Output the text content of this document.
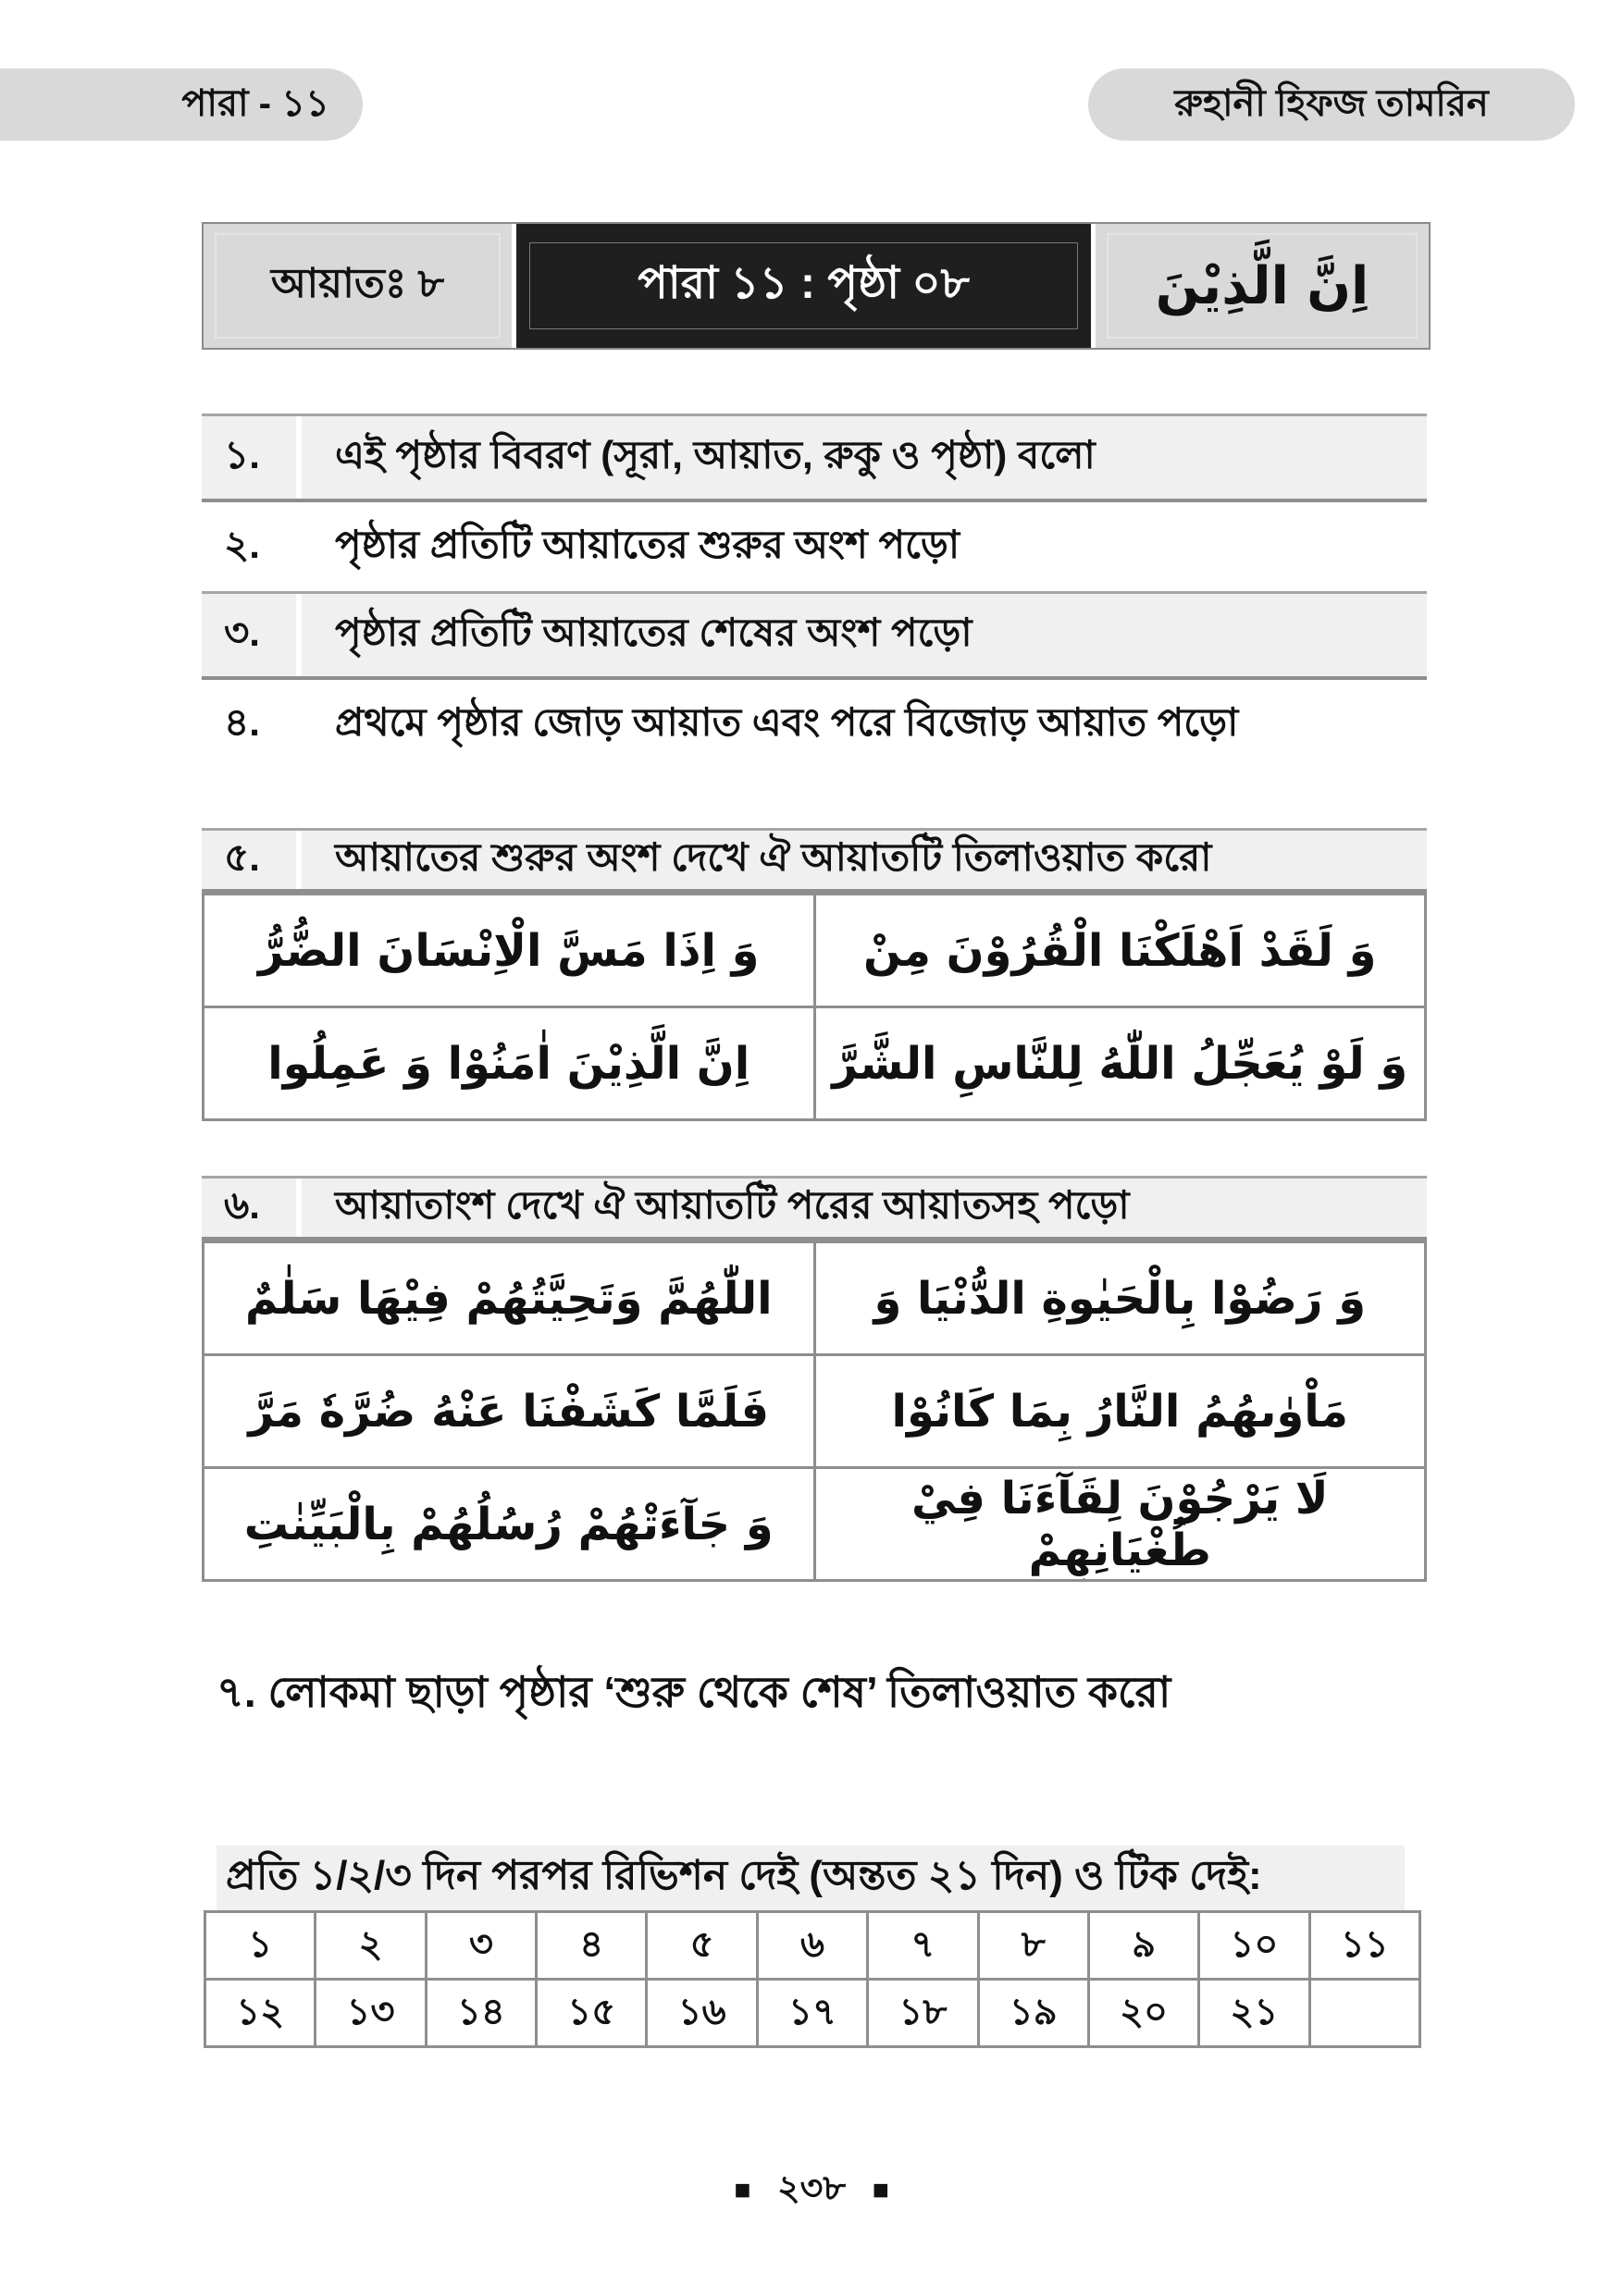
পারা - ১১	রুহানী হিফজ তামরিন
আয়াতঃ ৮	পারা ১১ : পৃষ্ঠা ০৮	اِنَّ الَّذِيْنَ
১.	এই পৃষ্ঠার বিবরণ (সূরা, আয়াত, রুকু ও পৃষ্ঠা) বলো
২.	পৃষ্ঠার প্রতিটি আয়াতের শুরুর অংশ পড়ো
৩.	পৃষ্ঠার প্রতিটি আয়াতের শেষের অংশ পড়ো
৪.	প্রথমে পৃষ্ঠার জোড় আয়াত এবং পরে বিজোড় আয়াত পড়ো
৫.	আয়াতের শুরুর অংশ দেখে ঐ আয়াতটি তিলাওয়াত করো
وَ اِذَا مَسَّ الْاِنْسَانَ الضُّرُّ	وَ لَقَدْ اَهْلَكْنَا الْقُرُوْنَ مِنْ
اِنَّ الَّذِيْنَ اٰمَنُوْا وَ عَمِلُوا	وَ لَوْ يُعَجِّلُ اللّٰهُ لِلنَّاسِ الشَّرَّ
৬.	আয়াতাংশ দেখে ঐ আয়াতটি পরের আয়াতসহ পড়ো
اللّٰهُمَّ وَتَحِيَّتُهُمْ فِيْهَا سَلٰمٌ	وَ رَضُوْا بِالْحَيٰوةِ الدُّنْيَا وَ
فَلَمَّا كَشَفْنَا عَنْهُ ضُرَّهٗ مَرَّ	مَاْوٰىهُمُ النَّارُ بِمَا كَانُوْا
وَ جَآءَتْهُمْ رُسُلُهُمْ بِالْبَيِّنٰتِ	لَا يَرْجُوْنَ لِقَآءَنَا فِيْ طُغْيَانِهِمْ
৭. লোকমা ছাড়া পৃষ্ঠার ‘শুরু থেকে শেষ’ তিলাওয়াত করো
প্রতি ১/২/৩ দিন পরপর রিভিশন দেই (অন্তত ২১ দিন) ও টিক দেই:
১	২	৩	৪	৫	৬	৭	৮	৯	১০	১১
১২	১৩	১৪	১৫	১৬	১৭	১৮	১৯	২০	২১	
■ ২৩৮ ■
